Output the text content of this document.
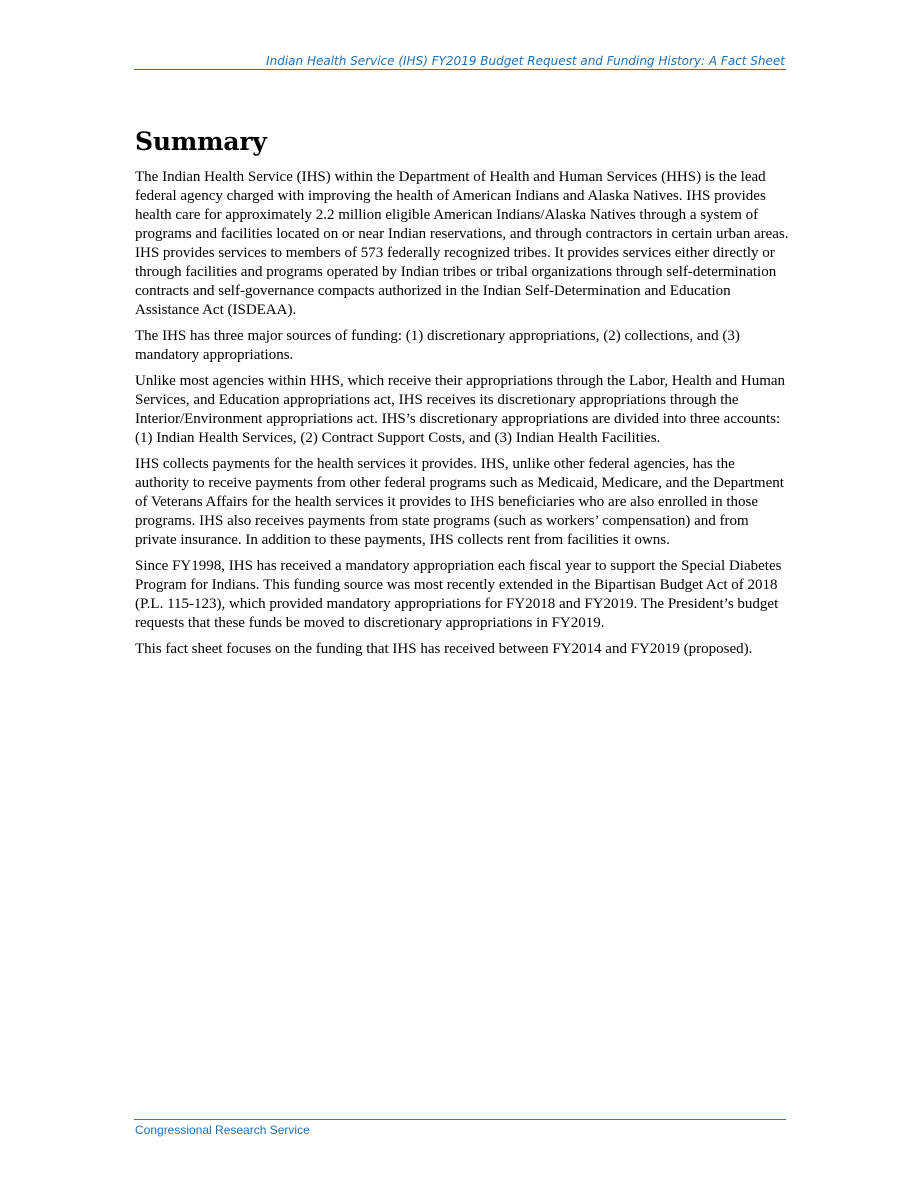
Indian Health Service (IHS) FY2019 Budget Request and Funding History: A Fact Sheet
Summary

The Indian Health Service (IHS) within the Department of Health and Human Services (HHS) is the lead federal agency charged with improving the health of American Indians and Alaska Natives. IHS provides health care for approximately 2.2 million eligible American Indians/Alaska Natives through a system of programs and facilities located on or near Indian reservations, and through contractors in certain urban areas. IHS provides services to members of 573 federally recognized tribes. It provides services either directly or through facilities and programs operated by Indian tribes or tribal organizations through self-determination contracts and self-governance compacts authorized in the Indian Self-Determination and Education Assistance Act (ISDEAA).

The IHS has three major sources of funding: (1) discretionary appropriations, (2) collections, and (3) mandatory appropriations.

Unlike most agencies within HHS, which receive their appropriations through the Labor, Health and Human Services, and Education appropriations act, IHS receives its discretionary appropriations through the Interior/Environment appropriations act. IHS’s discretionary appropriations are divided into three accounts: (1) Indian Health Services, (2) Contract Support Costs, and (3) Indian Health Facilities.

IHS collects payments for the health services it provides. IHS, unlike other federal agencies, has the authority to receive payments from other federal programs such as Medicaid, Medicare, and the Department of Veterans Affairs for the health services it provides to IHS beneficiaries who are also enrolled in those programs. IHS also receives payments from state programs (such as workers’ compensation) and from private insurance. In addition to these payments, IHS collects rent from facilities it owns.

Since FY1998, IHS has received a mandatory appropriation each fiscal year to support the Special Diabetes Program for Indians. This funding source was most recently extended in the Bipartisan Budget Act of 2018 (P.L. 115-123), which provided mandatory appropriations for FY2018 and FY2019. The President’s budget requests that these funds be moved to discretionary appropriations in FY2019.

This fact sheet focuses on the funding that IHS has received between FY2014 and FY2019 (proposed).

Congressional Research Service
